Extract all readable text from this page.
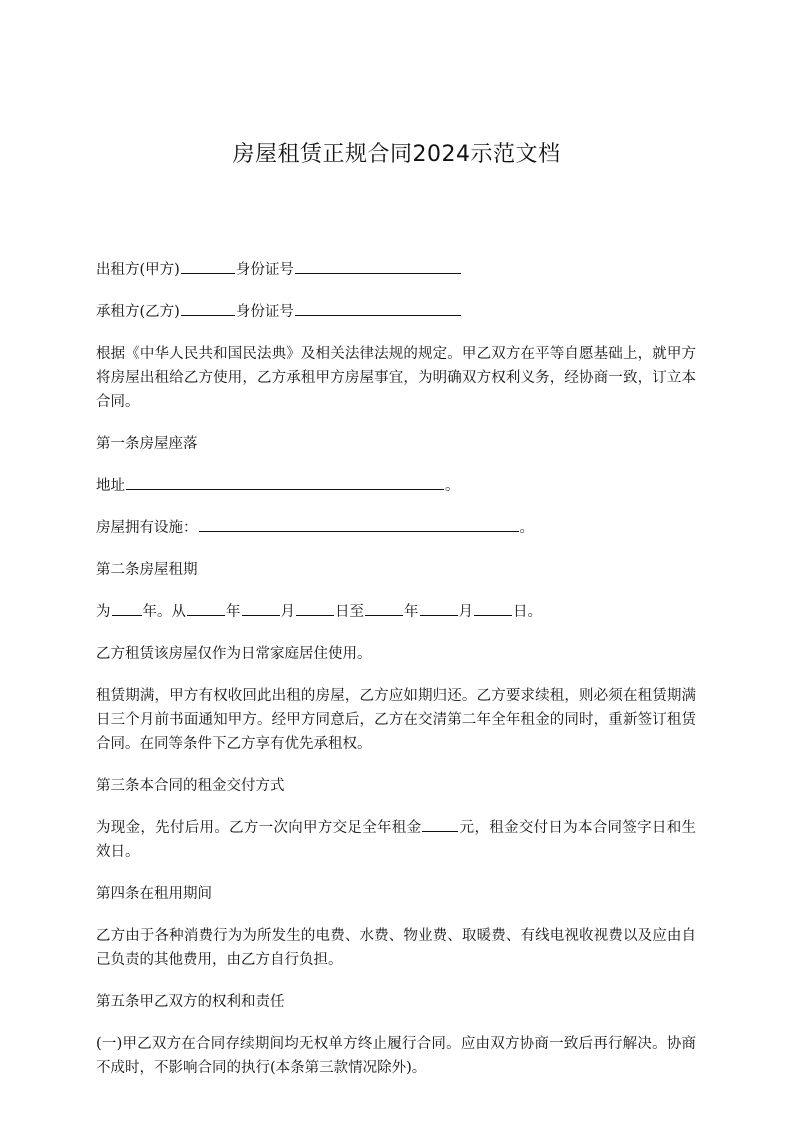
房屋租赁正规合同2024示范文档

出租方(甲方)	身份证号

承租方(乙方)	身份证号

根据《中华人民共和国民法典》及相关法律法规的规定。甲乙双方在平等自愿基础上，就甲方将房屋出租给乙方使用，乙方承租甲方房屋事宜，为明确双方权利义务，经协商一致，订立本合同。

第一条房屋座落

地址	。

房屋拥有设施：	。

第二条房屋租期

为 年。从	年	月	日至	年	月	日。

乙方租赁该房屋仅作为日常家庭居住使用。

租赁期满，甲方有权收回此出租的房屋，乙方应如期归还。乙方要求续租，则必须在租赁期满日三个月前书面通知甲方。经甲方同意后，乙方在交清第二年全年租金的同时，重新签订租赁合同。在同等条件下乙方享有优先承租权。

第三条本合同的租金交付方式

为现金，先付后用。乙方一次向甲方交足全年租金	元，租金交付日为本合同签字日和生效日。

第四条在租用期间

乙方由于各种消费行为为所发生的电费、水费、物业费、取暖费、有线电视收视费以及应由自己负责的其他费用，由乙方自行负担。

第五条甲乙双方的权利和责任

(一)甲乙双方在合同存续期间均无权单方终止履行合同。应由双方协商一致后再行解决。协商不成时，不影响合同的执行(本条第三款情况除外)。
